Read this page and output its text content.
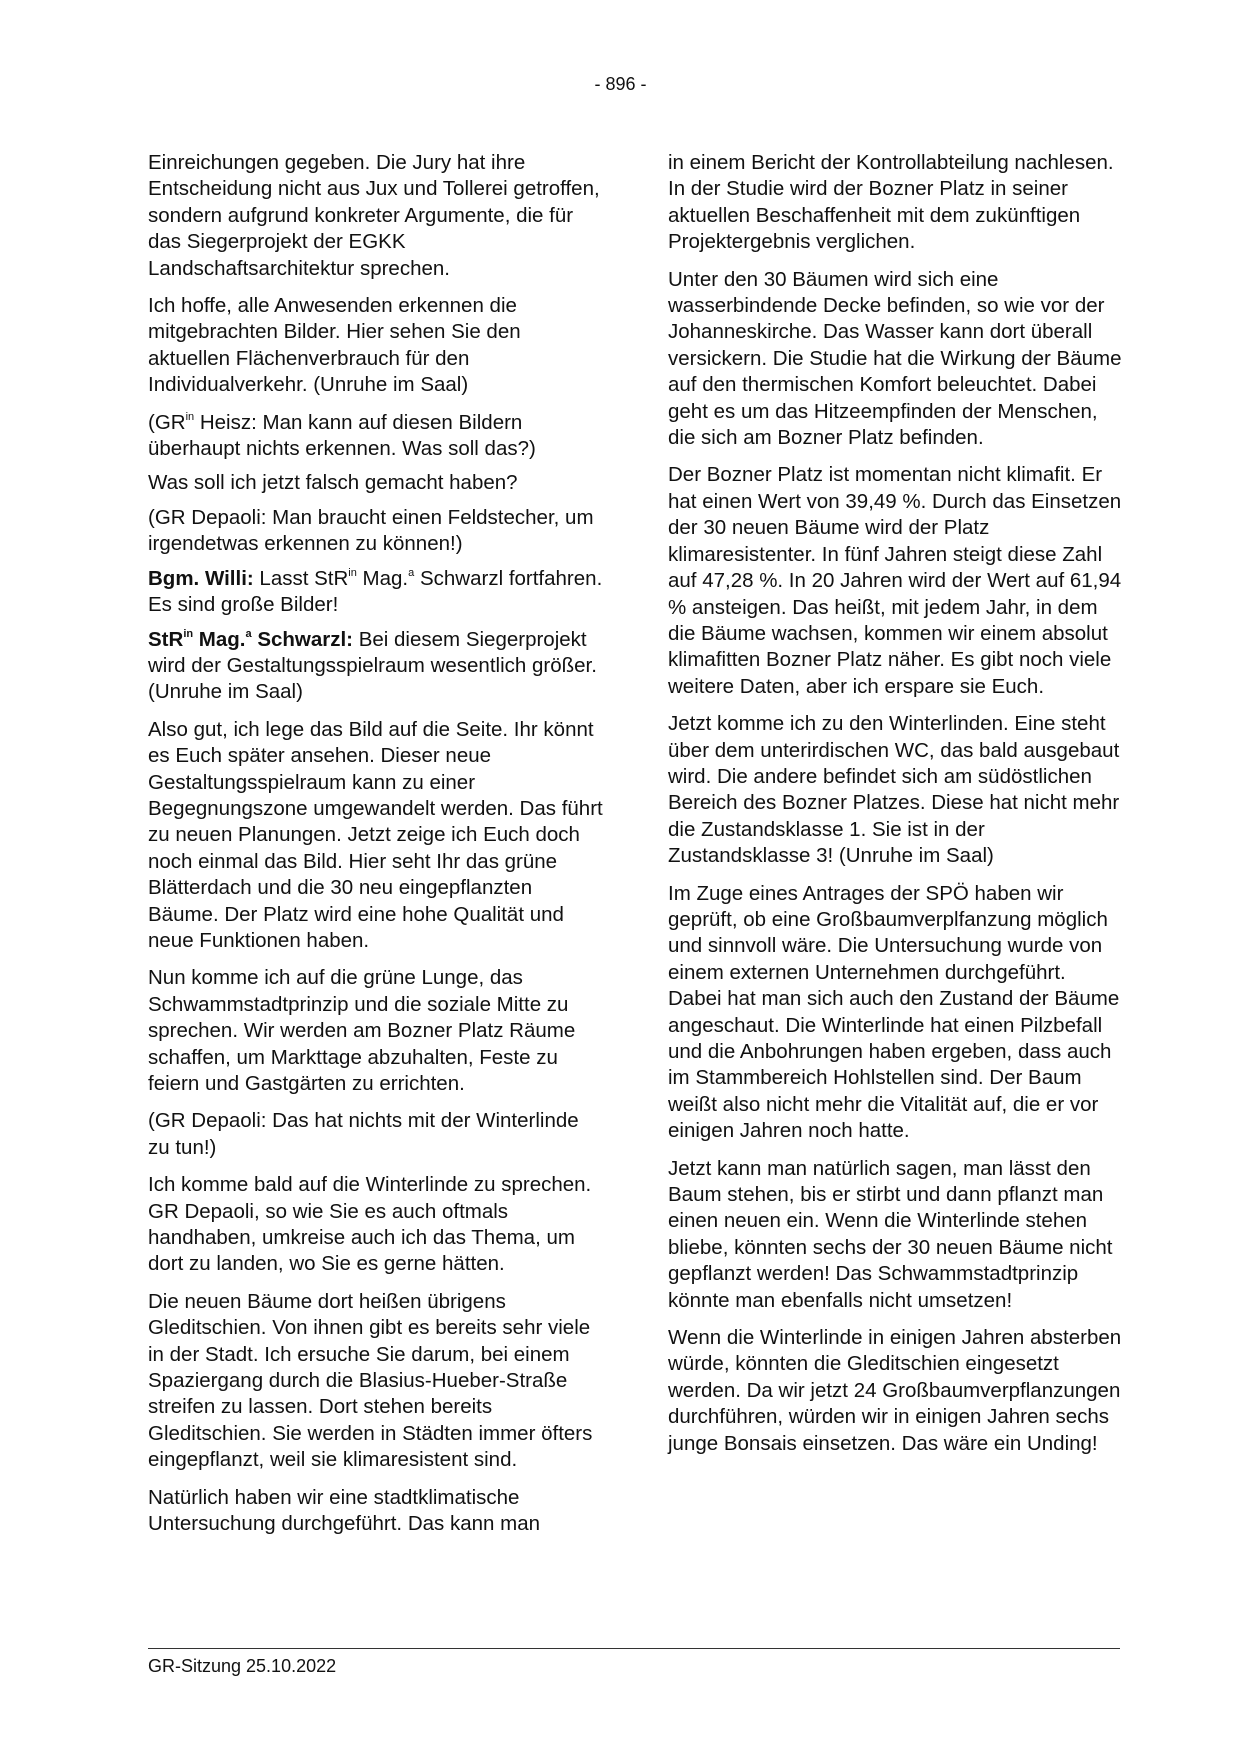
- 896 -

Einreichungen gegeben. Die Jury hat ihre Entscheidung nicht aus Jux und Tollerei getroffen, sondern aufgrund konkreter Argumente, die für das Siegerprojekt der EGKK Landschaftsarchitektur sprechen.

Ich hoffe, alle Anwesenden erkennen die mitgebrachten Bilder. Hier sehen Sie den aktuellen Flächenverbrauch für den Individualverkehr. (Unruhe im Saal)

($GR^{in}$ Heisz: Man kann auf diesen Bildern überhaupt nichts erkennen. Was soll das?)

Was soll ich jetzt falsch gemacht haben?

(GR Depaoli: Man braucht einen Feldstecher, um irgendetwas erkennen zu können!)

Bgm. Willi: Lasst StR$^{in}$ Mag.$^a$ Schwarzl fortfahren. Es sind große Bilder!

StR$^{in}$ Mag.$^a$ Schwarzl: Bei diesem Siegerprojekt wird der Gestaltungsspielraum wesentlich größer. (Unruhe im Saal)

Also gut, ich lege das Bild auf die Seite. Ihr könnt es Euch später ansehen. Dieser neue Gestaltungsspielraum kann zu einer Begegnungszone umgewandelt werden. Das führt zu neuen Planungen. Jetzt zeige ich Euch doch noch einmal das Bild. Hier seht Ihr das grüne Blätterdach und die 30 neu eingepflanzten Bäume. Der Platz wird eine hohe Qualität und neue Funktionen haben.

Nun komme ich auf die grüne Lunge, das Schwammstadtprinzip und die soziale Mitte zu sprechen. Wir werden am Bozner Platz Räume schaffen, um Markttage abzuhalten, Feste zu feiern und Gastgärten zu errichten.

(GR Depaoli: Das hat nichts mit der Winterlinde zu tun!)

Ich komme bald auf die Winterlinde zu sprechen. GR Depaoli, so wie Sie es auch oftmals handhaben, umkreise auch ich das Thema, um dort zu landen, wo Sie es gerne hätten.

Die neuen Bäume dort heißen übrigens Gleditschien. Von ihnen gibt es bereits sehr viele in der Stadt. Ich ersuche Sie darum, bei einem Spaziergang durch die Blasius-Hueber-Straße streifen zu lassen. Dort stehen bereits Gleditschien. Sie werden in Städten immer öfters eingepflanzt, weil sie klimaresistent sind.

Natürlich haben wir eine stadtklimatische Untersuchung durchgeführt. Das kann man

in einem Bericht der Kontrollabteilung nachlesen. In der Studie wird der Bozner Platz in seiner aktuellen Beschaffenheit mit dem zukünftigen Projektergebnis verglichen.

Unter den 30 Bäumen wird sich eine wasserbindende Decke befinden, so wie vor der Johanneskirche. Das Wasser kann dort überall versickern. Die Studie hat die Wirkung der Bäume auf den thermischen Komfort beleuchtet. Dabei geht es um das Hitzeempfinden der Menschen, die sich am Bozner Platz befinden.

Der Bozner Platz ist momentan nicht klimafit. Er hat einen Wert von 39,49 %. Durch das Einsetzen der 30 neuen Bäume wird der Platz klimaresistenter. In fünf Jahren steigt diese Zahl auf 47,28 %. In 20 Jahren wird der Wert auf 61,94 % ansteigen. Das heißt, mit jedem Jahr, in dem die Bäume wachsen, kommen wir einem absolut klimafitten Bozner Platz näher. Es gibt noch viele weitere Daten, aber ich erspare sie Euch.

Jetzt komme ich zu den Winterlinden. Eine steht über dem unterirdischen WC, das bald ausgebaut wird. Die andere befindet sich am südöstlichen Bereich des Bozner Platzes. Diese hat nicht mehr die Zustandsklasse 1. Sie ist in der Zustandsklasse 3! (Unruhe im Saal)

Im Zuge eines Antrages der SPÖ haben wir geprüft, ob eine Großbaumverplfanzung möglich und sinnvoll wäre. Die Untersuchung wurde von einem externen Unternehmen durchgeführt. Dabei hat man sich auch den Zustand der Bäume angeschaut. Die Winterlinde hat einen Pilzbefall und die Anbohrungen haben ergeben, dass auch im Stammbereich Hohlstellen sind. Der Baum weißt also nicht mehr die Vitalität auf, die er vor einigen Jahren noch hatte.

Jetzt kann man natürlich sagen, man lässt den Baum stehen, bis er stirbt und dann pflanzt man einen neuen ein. Wenn die Winterlinde stehen bliebe, könnten sechs der 30 neuen Bäume nicht gepflanzt werden! Das Schwammstadtprinzip könnte man ebenfalls nicht umsetzen!

Wenn die Winterlinde in einigen Jahren absterben würde, könnten die Gleditschien eingesetzt werden. Da wir jetzt 24 Großbaumverpflanzungen durchführen, würden wir in einigen Jahren sechs junge Bonsais einsetzen. Das wäre ein Unding!

GR-Sitzung 25.10.2022
